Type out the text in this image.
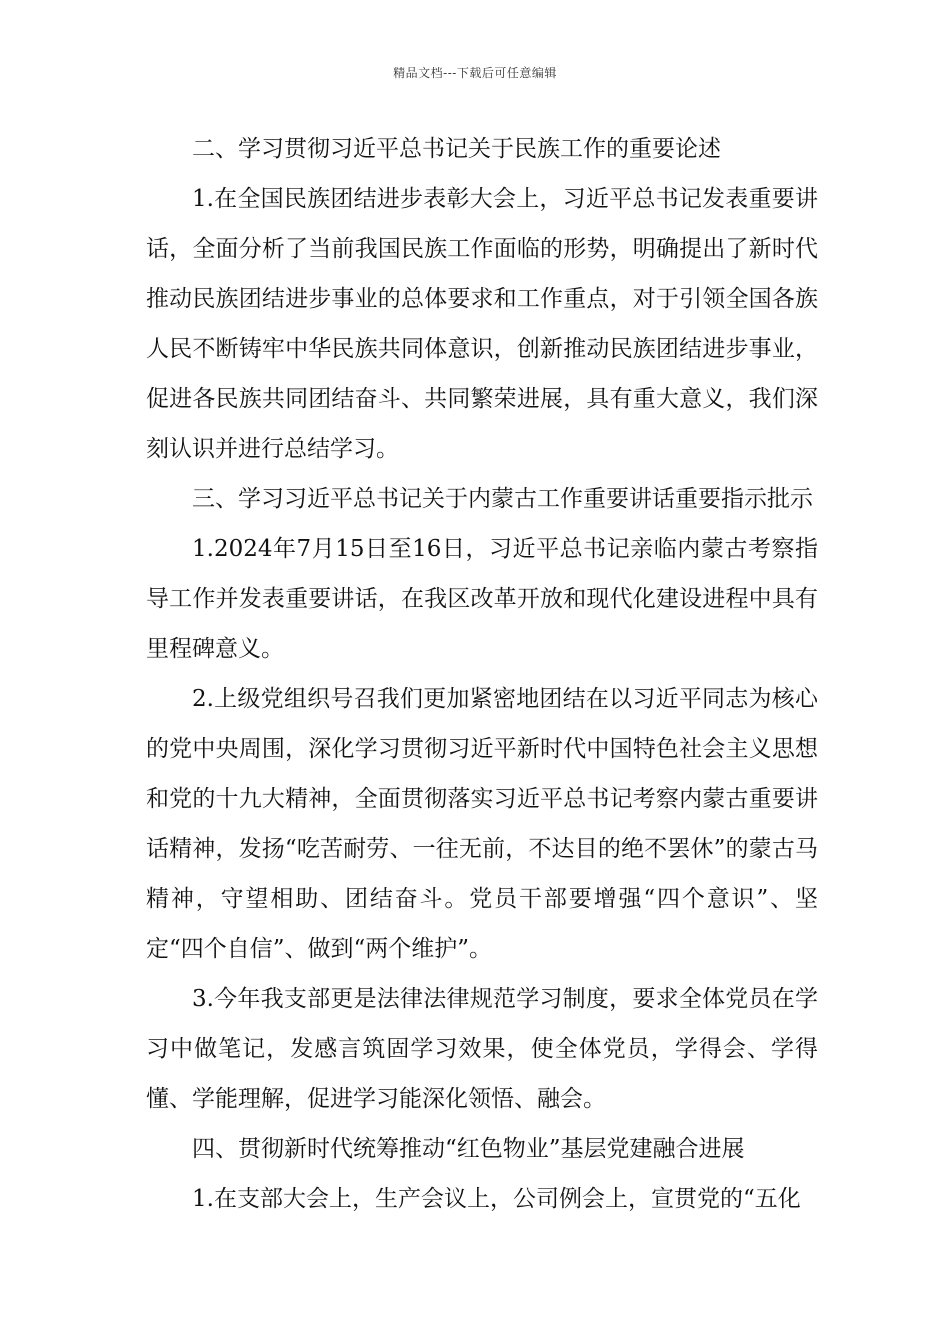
精品文档---下载后可任意编辑

二、学习贯彻习近平总书记关于民族工作的重要论述

1.在全国民族团结进步表彰大会上，习近平总书记发表重要讲话，全面分析了当前我国民族工作面临的形势，明确提出了新时代推动民族团结进步事业的总体要求和工作重点，对于引领全国各族人民不断铸牢中华民族共同体意识，创新推动民族团结进步事业，促进各民族共同团结奋斗、共同繁荣进展，具有重大意义，我们深刻认识并进行总结学习。

三、学习习近平总书记关于内蒙古工作重要讲话重要指示批示

1.2024年7月15日至16日，习近平总书记亲临内蒙古考察指导工作并发表重要讲话，在我区改革开放和现代化建设进程中具有里程碑意义。

2.上级党组织号召我们更加紧密地团结在以习近平同志为核心的党中央周围，深化学习贯彻习近平新时代中国特色社会主义思想和党的十九大精神，全面贯彻落实习近平总书记考察内蒙古重要讲话精神，发扬“吃苦耐劳、一往无前，不达目的绝不罢休”的蒙古马精神，守望相助、团结奋斗。党员干部要增强“四个意识”、坚定“四个自信”、做到“两个维护”。

3.今年我支部更是法律法律规范学习制度，要求全体党员在学习中做笔记，发感言筑固学习效果，使全体党员，学得会、学得懂、学能理解，促进学习能深化领悟、融会。

四、贯彻新时代统筹推动“红色物业”基层党建融合进展

1.在支部大会上，生产会议上，公司例会上，宣贯党的“五化
